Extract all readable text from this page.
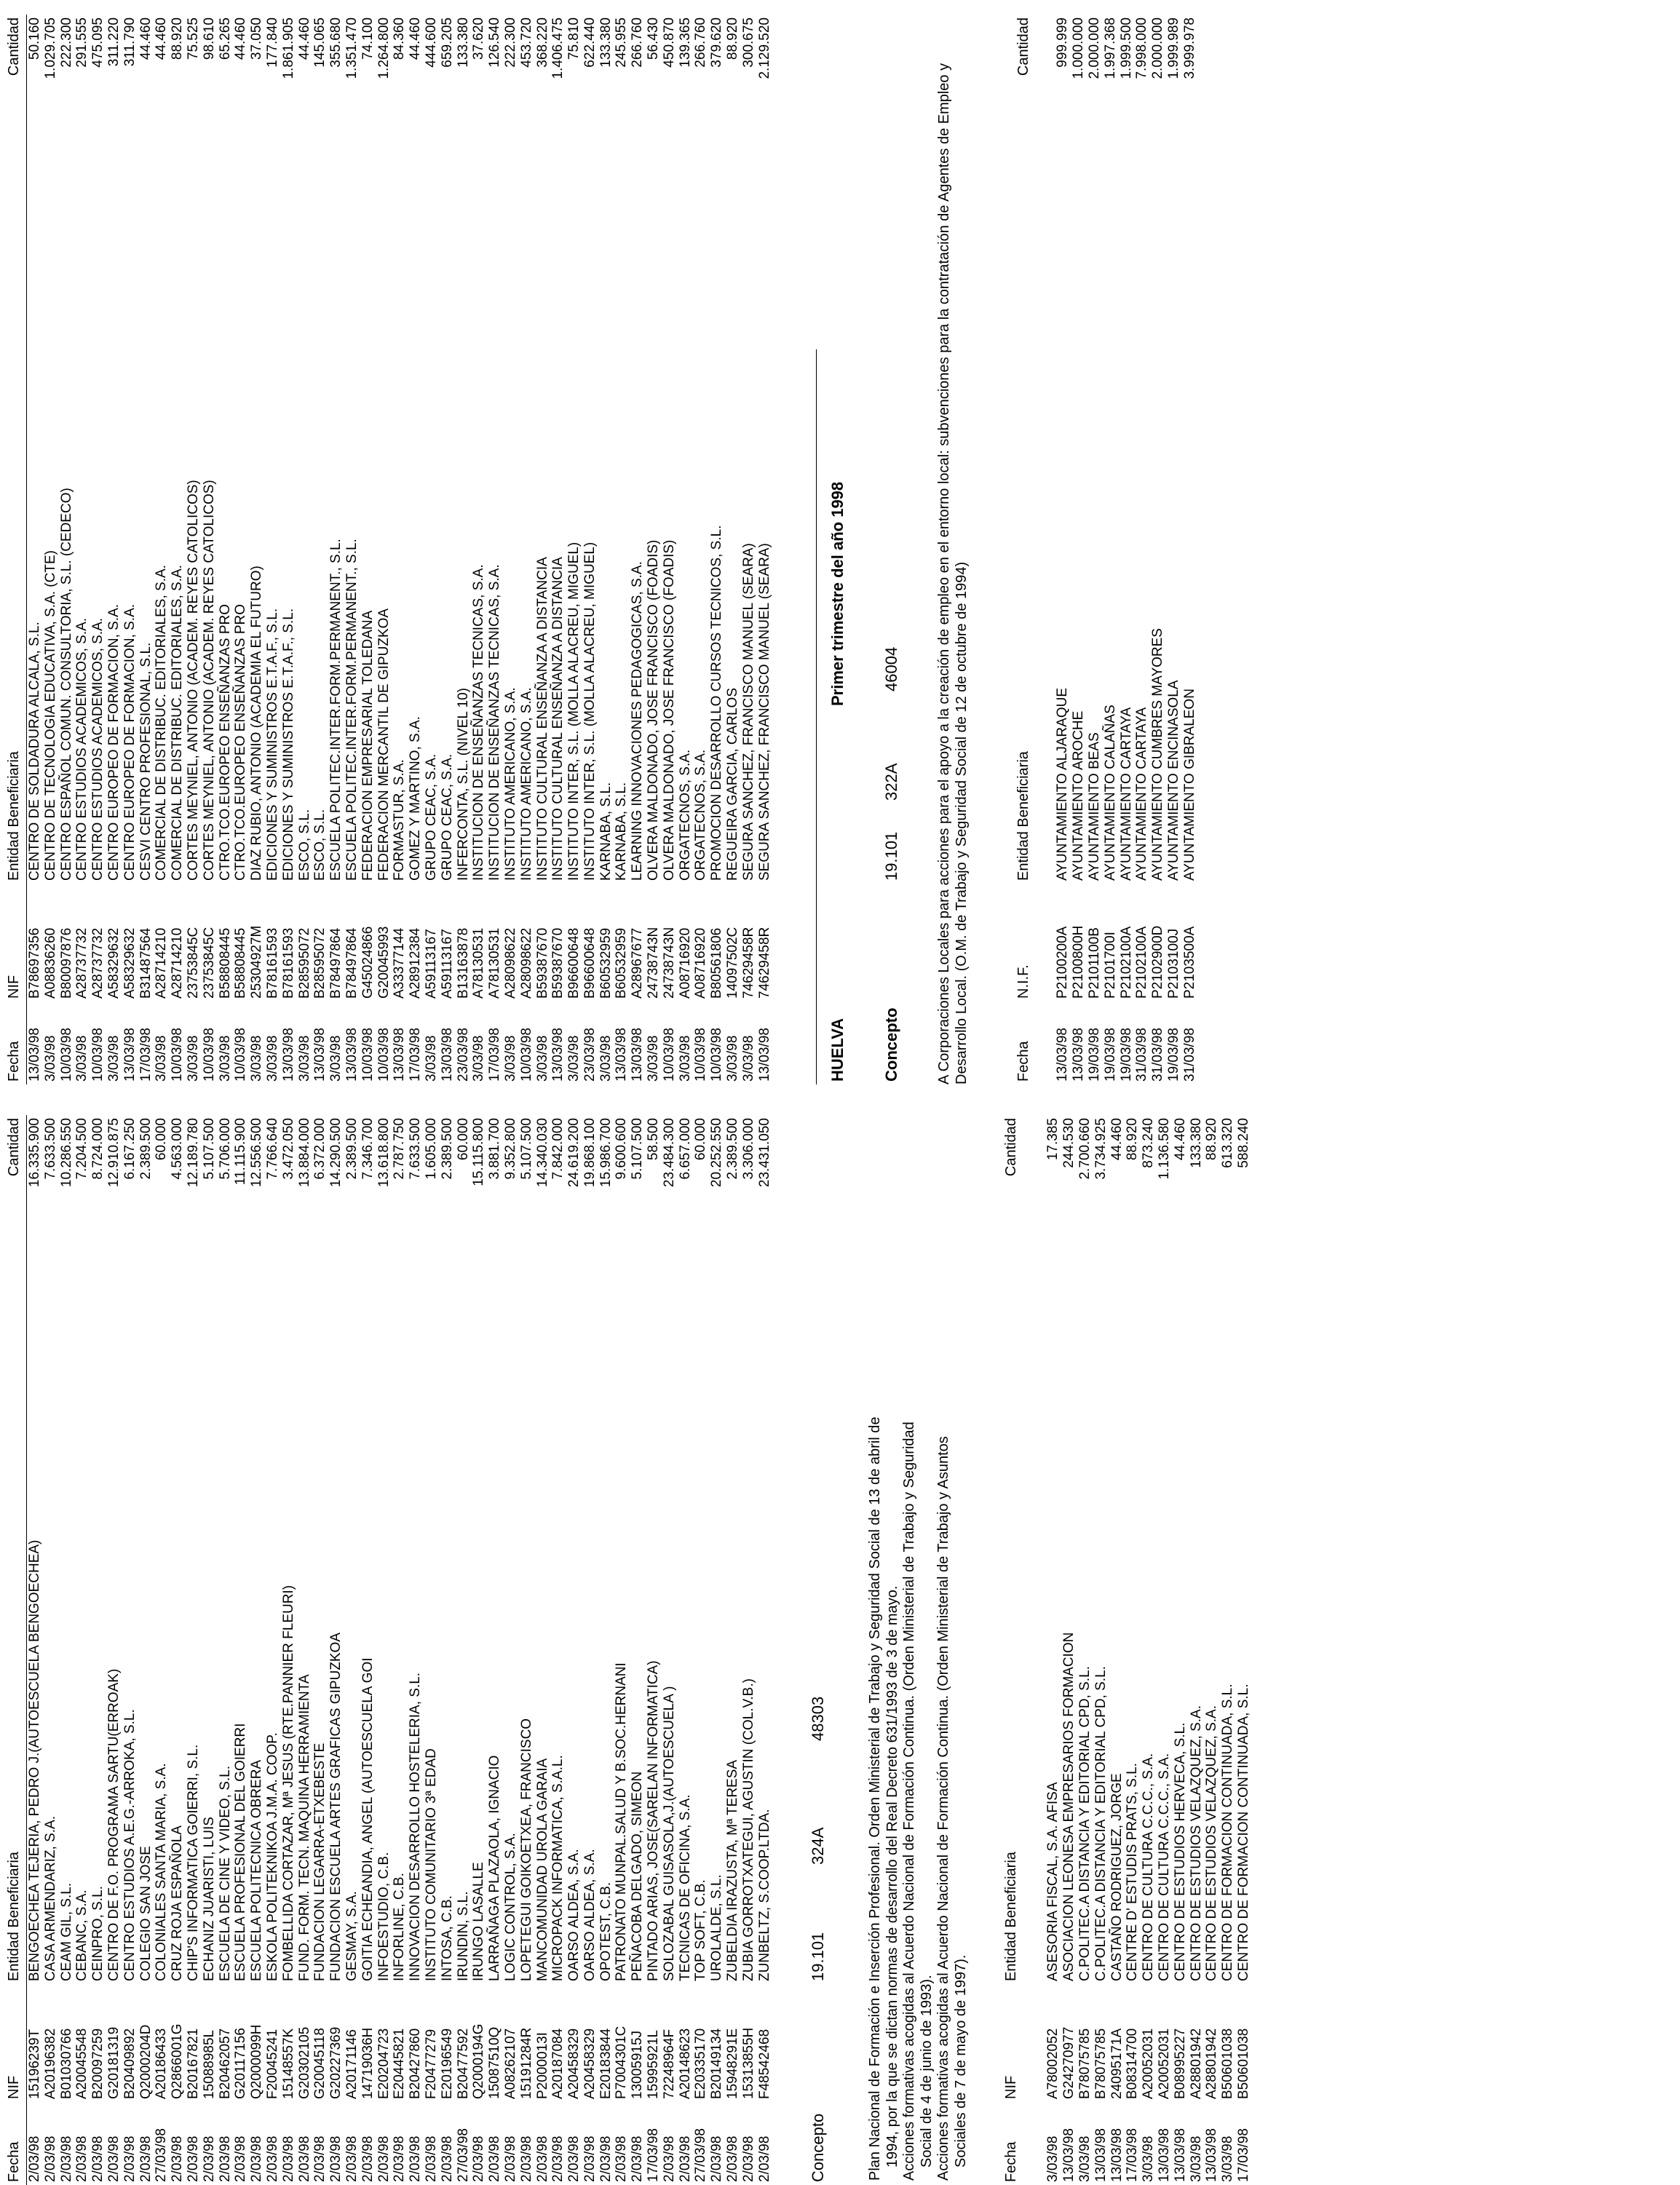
Fecha
NIF
Entidad Beneficiaria
Cantidad
2/03/98
15196239T
BENGOECHEA TEJERIA, PEDRO J.(AUTOESCUELA BENGOECHEA)
16.335.900
2/03/98
A20196382
CASA ARMENDARIZ, S.A.
7.633.500
2/03/98
B01030766
CEAM GIL, S.L.
10.286.550
2/03/98
A20045548
CEBANC, S.A.
7.204.500
2/03/98
B20097259
CEINPRO, S.L.
8.724.000
2/03/98
G20181319
CENTRO DE F.O. PROGRAMA SARTU(ERROAK)
12.910.875
2/03/98
B20409892
CENTRO ESTUDIOS A.E.G.-ARROKA, S.L.
6.167.250
2/03/98
Q2000204D
COLEGIO SAN JOSE
2.389.500
27/03/98
A20186433
COLONIALES SANTA MARIA, S.A.
60.000
2/03/98
Q2866001G
CRUZ ROJA ESPAÑOLA
4.563.000
2/03/98
B20167821
CHIP'S INFORMATICA GOIERRI, S.L.
12.189.780
2/03/98
15088985L
ECHANIZ JUARISTI, LUIS
5.107.500
2/03/98
B20462057
ESCUELA DE CINE Y VIDEO, S.L.
5.706.000
2/03/98
G20117156
ESCUELA PROFESIONAL DEL GOIERRI
11.115.900
2/03/98
Q2000099H
ESCUELA POLITECNICA OBRERA
12.556.500
2/03/98
F20045241
ESKOLA POLITEKNIKOA J.M.A. COOP.
7.766.640
2/03/98
15148557K
FOMBELLIDA CORTAZAR, Mª JESUS (RTE.PANNIER FLEURI)
3.472.050
2/03/98
G20302105
FUND. FORM. TECN. MAQUINA HERRAMIENTA
13.884.000
2/03/98
G20045118
FUNDACION LEGARRA-ETXEBESTE
6.372.000
2/03/98
G20227369
FUNDACION ESCUELA ARTES GRAFICAS GIPUZKOA
14.290.500
2/03/98
A20171146
GESMAY, S.A.
2.389.500
2/03/98
14719036H
GOITIA ECHEANDIA, ANGEL (AUTOESCUELA GOI
7.346.700
2/03/98
E20204723
INFOESTUDIO, C.B.
13.618.800
2/03/98
E20445821
INFORLINE, C.B.
2.787.750
2/03/98
B20427860
INNOVACION DESARROLLO HOSTELERIA, S.L.
7.633.500
2/03/98
F20477279
INSTITUTO COMUNITARIO 3ª EDAD
1.605.000
2/03/98
E20196549
INTOSA, C.B.
2.389.500
27/03/98
B20477592
IRUNDIN, S.L.
60.000
2/03/98
Q2000194G
IRUNGO LASALLE
15.115.800
2/03/98
15087510Q
LARRAÑAGA PLAZAOLA, IGNACIO
3.881.700
2/03/98
A08262107
LOGIC CONTROL, S.A.
9.352.800
2/03/98
15191284R
LOPETEGUI GOIKOETXEA, FRANCISCO
5.107.500
2/03/98
P2000013I
MANCOMUNIDAD UROLA GARAIA
14.340.030
2/03/98
A20187084
MICROPACK INFORMATICA, S.A.L.
7.842.000
2/03/98
A20458329
OARSO ALDEA, S.A.
24.619.200
2/03/98
A20458329
OARSO ALDEA, S.A.
19.868.100
2/03/98
E20183844
OPOTEST, C.B.
15.986.700
2/03/98
P7004301C
PATRONATO MUNPAL.SALUD Y B.SOC.HERNANI
9.600.600
2/03/98
13005915J
PEÑACOBA DELGADO, SIMEON
5.107.500
17/03/98
15995921L
PINTADO ARIAS, JOSE(SARELAN INFORMATICA)
58.500
2/03/98
72248964F
SOLOZABAL GUISASOLA,J.(AUTOESCUELA )
23.484.300
2/03/98
A20148623
TECNICAS DE OFICINA, S.A.
6.657.000
27/03/98
E20335170
TOP SOFT, C.B.
60.000
2/03/98
B20149134
UROLALDE, S.L.
20.252.550
2/03/98
15948291E
ZUBELDIA IRAZUSTA, Mª TERESA
2.389.500
2/03/98
15313855H
ZUBIA GORROTXATEGUI, AGUSTIN (COL.V.B.)
3.306.000
2/03/98
F48542468
ZUNBELTZ, S.COOP.LTDA.
23.431.050
Concepto
19.101
324A
48303	Plan Nacional de Formación e Inserción Profesional. Orden Ministerial de Trabajo y Seguridad Social de 13 de abril de 1994, por la que se dictan normas de desarrollo del Real Decreto 631/1993 de 3 de mayo. Acciones formativas acogidas al Acuerdo Nacional de Formación Continua. (Orden Ministerial de Trabajo y Seguridad Social de 4 de junio de 1993). Acciones formativas acogidas al Acuerdo Nacional de Formación Continua. (Orden Ministerial de Trabajo y Asuntos Sociales de 7 de mayo de 1997). Fecha
NIF
Entidad Beneficiaria
Cantidad
3/03/98
A78002052
ASESORIA FISCAL, S.A. AFISA
17.385
13/03/98
G24270977
ASOCIACION LEONESA EMPRESARIOS FORMACION
244.530
3/03/98
B78075785
C.POLITEC.A DISTANCIA Y EDITORIAL CPD, S.L.
2.700.660
13/03/98
B78075785
C.POLITEC.A DISTANCIA Y EDITORIAL CPD, S.L.
3.734.925
13/03/98
24095171A
CASTAÑO RODRIGUEZ, JORGE
44.460
17/03/98
B08314700
CENTRE D' ESTUDIS PRATS, S.L.
88.920
3/03/98
A20052031
CENTRO DE CULTURA C.C.C., S.A.
873.240
13/03/98
A20052031
CENTRO DE CULTURA C.C.C., S.A.
1.136.580
13/03/98
B08995227
CENTRO DE ESTUDIOS HERVECA, S.L.
44.460
3/03/98
A28801942
CENTRO DE ESTUDIOS VELAZQUEZ, S.A.
133.380
13/03/98
A28801942
CENTRO DE ESTUDIOS VELAZQUEZ, S.A.
88.920
3/03/98
B50601038
CENTRO DE FORMACION CONTINUADA, S.L.
613.320
17/03/98
B50601038
CENTRO DE FORMACION CONTINUADA, S.L.
588.240
Fecha
NIF
Entidad Beneficiaria
Cantidad
13/03/98
B78697356
CENTRO DE SOLDADURA ALCALA, S.L.
50.160
3/03/98
A08836260
CENTRO DE TECNOLOGIA EDUCATIVA, S.A. (CTE)
1.029.705
10/03/98
B80097876
CENTRO ESPAÑOL COMUN. CONSULTORIA, S.L. (CEDECO)
222.300
3/03/98
A28737732
CENTRO ESTUDIOS ACADEMICOS, S.A.
291.555
10/03/98
A28737732
CENTRO ESTUDIOS ACADEMICOS, S.A.
475.095
3/03/98
A58329632
CENTRO EUROPEO DE FORMACION, S.A.
311.220
13/03/98
A58329632
CENTRO EUROPEO DE FORMACION, S.A.
311.790
17/03/98
B31487564
CESVI CENTRO PROFESIONAL, S.L.
44.460
3/03/98
A28714210
COMERCIAL DE DISTRIBUC. EDITORIALES, S.A.
44.460
10/03/98
A28714210
COMERCIAL DE DISTRIBUC. EDITORIALES, S.A.
88.920
3/03/98
23753845C
CORTES MEYNIEL, ANTONIO (ACADEM. REYES CATOLICOS)
75.525
10/03/98
23753845C
CORTES MEYNIEL, ANTONIO (ACADEM. REYES CATOLICOS)
98.610
3/03/98
B58808445
CTRO.TCO.EUROPEO ENSEÑANZAS PRO
65.265
10/03/98
B58808445
CTRO.TCO.EUROPEO ENSEÑANZAS PRO
44.460
3/03/98
25304927M
DIAZ RUBIO, ANTONIO (ACADEMIA EL FUTURO)
37.050
3/03/98
B78161593
EDICIONES Y SUMINISTROS E.T.A.F., S.L.
177.840
13/03/98
B78161593
EDICIONES Y SUMINISTROS E.T.A.F., S.L.
1.861.905
3/03/98
B28595072
ESCO, S.L.
44.460
13/03/98
B28595072
ESCO, S.L.
145.065
3/03/98
B78497864
ESCUELA POLITEC.INTER.FORM.PERMANENT., S.L.
355.680
13/03/98
B78497864
ESCUELA POLITEC.INTER.FORM.PERMANENT., S.L.
1.351.470
10/03/98
G45024866
FEDERACION EMPRESARIAL TOLEDANA
74.100
10/03/98
G20045993
FEDERACION MERCANTIL DE GIPUZKOA
1.264.800
13/03/98
A33377144
FORMASTUR, S.A.
84.360
17/03/98
A28912384
GOMEZ Y MARTINO, S.A.
44.460
3/03/98
A59113167
GRUPO CEAC, S.A.
444.600
13/03/98
A59113167
GRUPO CEAC, S.A.
659.205
23/03/98
B13163878
INFERCONTA, S.L. (NIVEL 10)
133.380
3/03/98
A78130531
INSTITUCION DE ENSEÑANZAS TECNICAS, S.A.
37.620
17/03/98
A78130531
INSTITUCION DE ENSEÑANZAS TECNICAS, S.A.
126.540
3/03/98
A28098622
INSTITUTO AMERICANO, S.A.
222.300
10/03/98
A28098622
INSTITUTO AMERICANO, S.A.
453.720
3/03/98
B59387670
INSTITUTO CULTURAL ENSEÑANZA A DISTANCIA
368.220
13/03/98
B59387670
INSTITUTO CULTURAL ENSEÑANZA A DISTANCIA
1.406.475
3/03/98
B96600648
INSTITUTO INTER, S.L. (MOLLA ALACREU, MIGUEL)
75.810
23/03/98
B96600648
INSTITUTO INTER, S.L. (MOLLA ALACREU, MIGUEL)
622.440
3/03/98
B60532959
KARNABA, S.L.
133.380
13/03/98
B60532959
KARNABA, S.L.
245.955
13/03/98
A28967677
LEARNING INNOVACIONES PEDAGOGICAS, S.A.
266.760
3/03/98
24738743N
OLVERA MALDONADO, JOSE FRANCISCO (FOADIS)
56.430
10/03/98
24738743N
OLVERA MALDONADO, JOSE FRANCISCO (FOADIS)
450.870
3/03/98
A08716920
ORGATECNOS, S.A.
139.365
10/03/98
A08716920
ORGATECNOS, S.A.
266.760
10/03/98
B80561806
PROMOCION DESARROLLO CURSOS TECNICOS, S.L.
379.620
3/03/98
14097502C
REGUEIRA GARCIA, CARLOS
88.920
3/03/98
74629458R
SEGURA SANCHEZ, FRANCISCO MANUEL (SEARA)
300.675
13/03/98
74629458R
SEGURA SANCHEZ, FRANCISCO MANUEL (SEARA)
2.129.520
HUELVA
Primer trimestre del año 1998
Concepto
19.101
322A
46004 A Corporaciones Locales para acciones para el apoyo a la creación de empleo en el entorno local: subvenciones para la contratación de Agentes de Empleo y Desarrollo Local. (O.M. de Trabajo y Seguridad Social de 12 de octubre de 1994)	Fecha
N.I.F.
Entidad Beneficiaria
Cantidad
13/03/98
P2100200A
AYUNTAMIENTO ALJARAQUE
999.999
13/03/98
P2100800H
AYUNTAMIENTO AROCHE
1.000.000
19/03/98
P2101100B
AYUNTAMIENTO BEAS
2.000.000
19/03/98
P2101700I
AYUNTAMIENTO CALAÑAS
1.997.368
19/03/98
P2102100A
AYUNTAMIENTO CARTAYA
1.999.500
31/03/98
P2102100A
AYUNTAMIENTO CARTAYA
7.998.000
31/03/98
P2102900D
AYUNTAMIENTO CUMBRES MAYORES
2.000.000
19/03/98
P2103100J
AYUNTAMIENTO ENCINASOLA
1.999.989
31/03/98
P2103500A
AYUNTAMIENTO GIBRALEON
3.999.978
